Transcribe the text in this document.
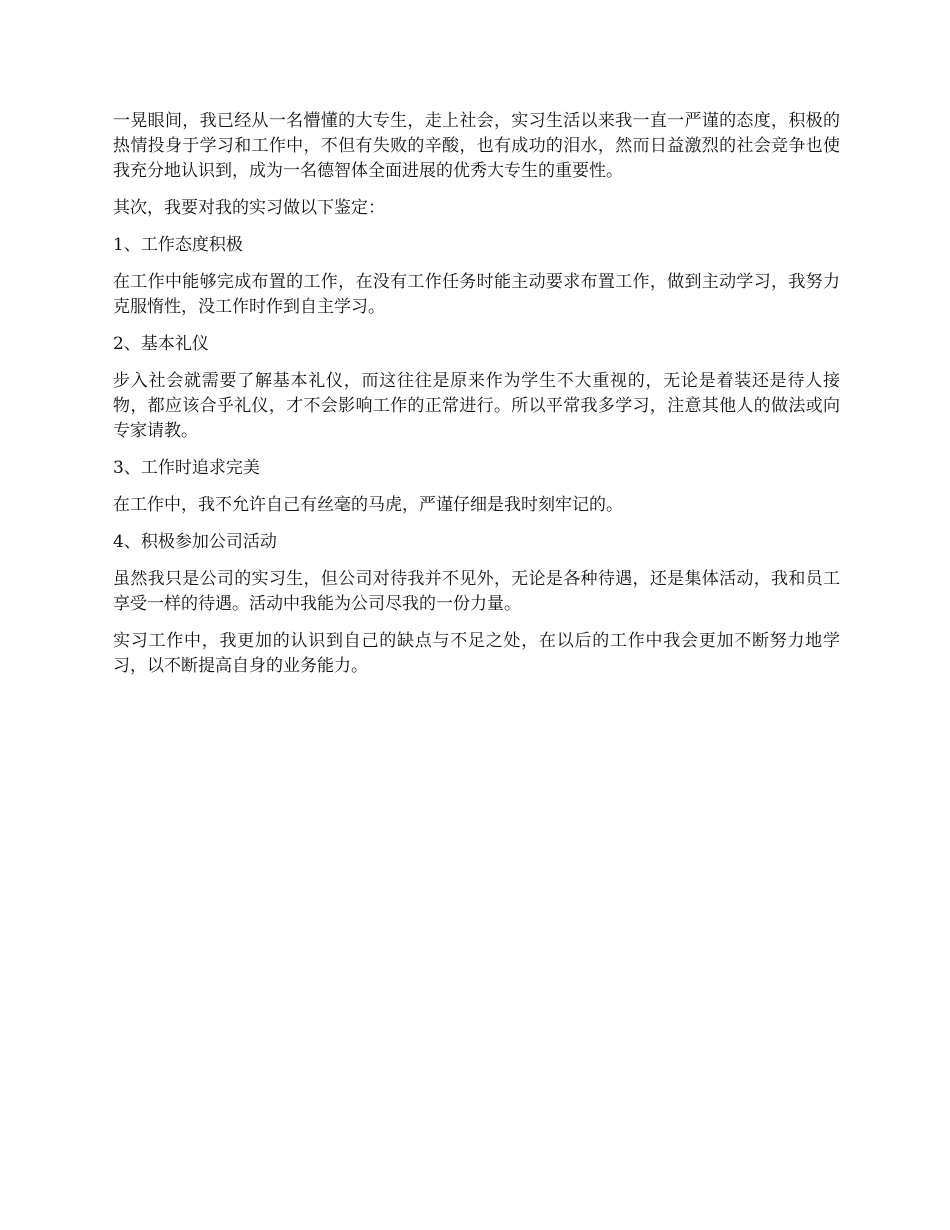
一晃眼间，我已经从一名懵懂的大专生，走上社会，实习生活以来我一直一严谨的态度，积极的热情投身于学习和工作中，不但有失败的辛酸，也有成功的泪水，然而日益激烈的社会竞争也使我充分地认识到，成为一名德智体全面进展的优秀大专生的重要性。

其次，我要对我的实习做以下鉴定：

1、工作态度积极

在工作中能够完成布置的工作，在没有工作任务时能主动要求布置工作，做到主动学习，我努力克服惰性，没工作时作到自主学习。

2、基本礼仪

步入社会就需要了解基本礼仪，而这往往是原来作为学生不大重视的，无论是着装还是待人接物，都应该合乎礼仪，才不会影响工作的正常进行。所以平常我多学习，注意其他人的做法或向专家请教。

3、工作时追求完美

在工作中，我不允许自己有丝毫的马虎，严谨仔细是我时刻牢记的。

4、积极参加公司活动

虽然我只是公司的实习生，但公司对待我并不见外，无论是各种待遇，还是集体活动，我和员工享受一样的待遇。活动中我能为公司尽我的一份力量。

实习工作中，我更加的认识到自己的缺点与不足之处，在以后的工作中我会更加不断努力地学习，以不断提高自身的业务能力。
